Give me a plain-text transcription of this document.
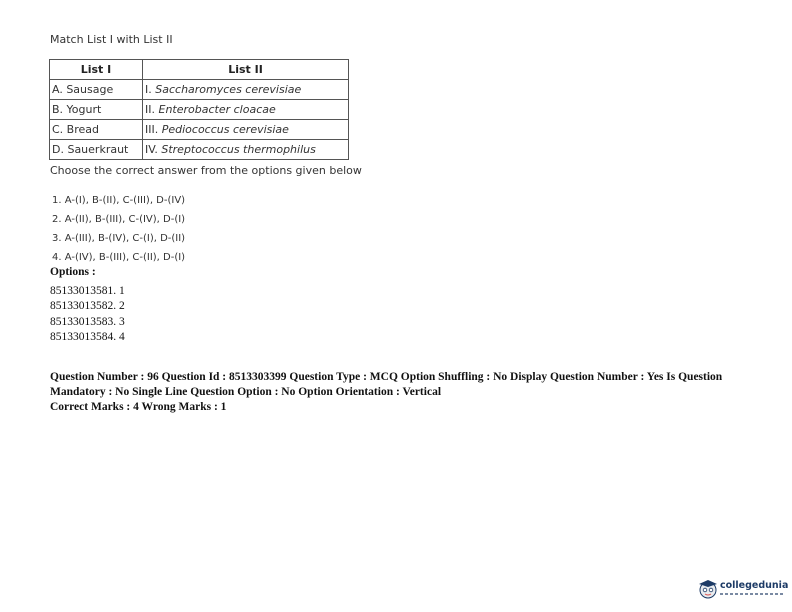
Match List I with List II
List I	List II
A. Sausage	I. Saccharomyces cerevisiae
B. Yogurt	II. Enterobacter cloacae
C. Bread	III. Pediococcus cerevisiae
D. Sauerkraut	IV. Streptococcus thermophilus
Choose the correct answer from the options given below
1. A-(I), B-(II), C-(III), D-(IV)
2. A-(II), B-(III), C-(IV), D-(I)
3. A-(III), B-(IV), C-(I), D-(II)
4. A-(IV), B-(III), C-(II), D-(I)
Options :
85133013581. 1
85133013582. 2
85133013583. 3
85133013584. 4
Question Number : 96 Question Id : 8513303399 Question Type : MCQ Option Shuffling : No Display Question Number : Yes Is Question Mandatory : No Single Line Question Option : No Option Orientation : Vertical
Correct Marks : 4 Wrong Marks : 1
collegedunia
